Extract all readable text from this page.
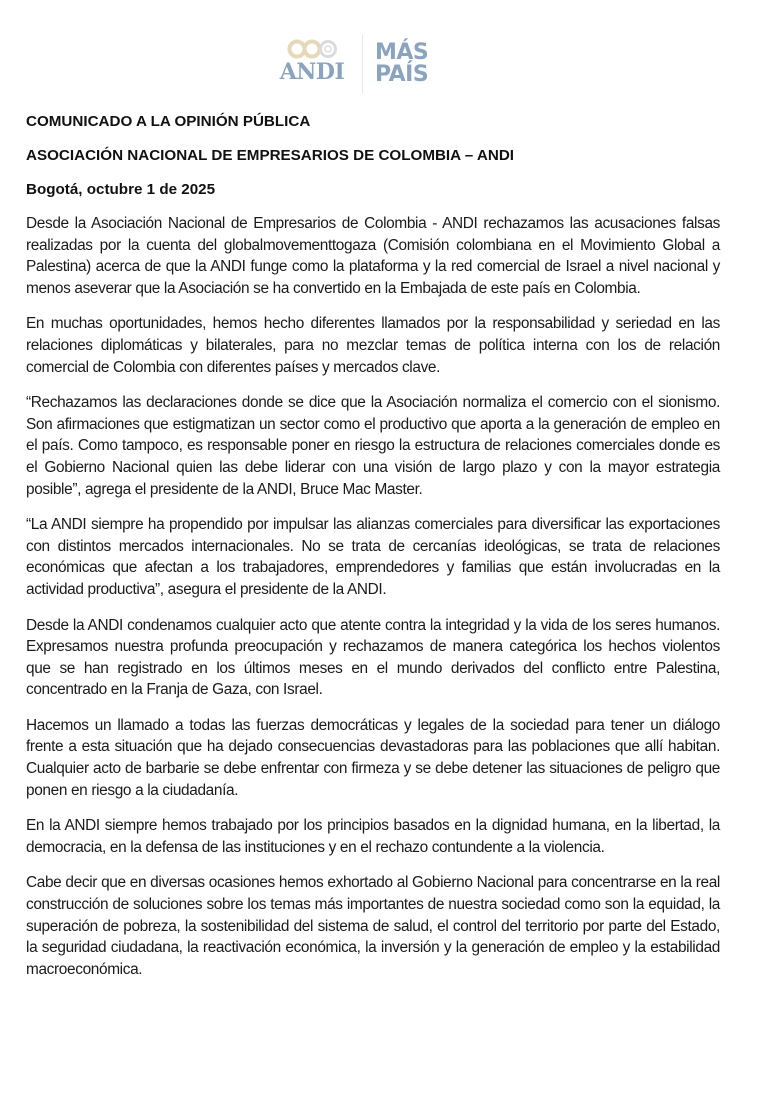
ANDI
MÁS
PAÍS
COMUNICADO A LA OPINIÓN PÚBLICA
ASOCIACIÓN NACIONAL DE EMPRESARIOS DE COLOMBIA – ANDI
Bogotá, octubre 1 de 2025

Desde la Asociación Nacional de Empresarios de Colombia - ANDI rechazamos las acusaciones falsas realizadas por la cuenta del globalmovementtogaza (Comisión colombiana en el Movimiento Global a Palestina) acerca de que la ANDI funge como la plataforma y la red comercial de Israel a nivel nacional y menos aseverar que la Asociación se ha convertido en la Embajada de este país en Colombia.

En muchas oportunidades, hemos hecho diferentes llamados por la responsabilidad y seriedad en las relaciones diplomáticas y bilaterales, para no mezclar temas de política interna con los de relación comercial de Colombia con diferentes países y mercados clave.

“Rechazamos las declaraciones donde se dice que la Asociación normaliza el comercio con el sionismo. Son afirmaciones que estigmatizan un sector como el productivo que aporta a la generación de empleo en el país. Como tampoco, es responsable poner en riesgo la estructura de relaciones comerciales donde es el Gobierno Nacional quien las debe liderar con una visión de largo plazo y con la mayor estrategia posible”, agrega el presidente de la ANDI, Bruce Mac Master.

“La ANDI siempre ha propendido por impulsar las alianzas comerciales para diversificar las exportaciones con distintos mercados internacionales. No se trata de cercanías ideológicas, se trata de relaciones económicas que afectan a los trabajadores, emprendedores y familias que están involucradas en la actividad productiva”, asegura el presidente de la ANDI.

Desde la ANDI condenamos cualquier acto que atente contra la integridad y la vida de los seres humanos. Expresamos nuestra profunda preocupación y rechazamos de manera categórica los hechos violentos que se han registrado en los últimos meses en el mundo derivados del conflicto entre Palestina, concentrado en la Franja de Gaza, con Israel.

Hacemos un llamado a todas las fuerzas democráticas y legales de la sociedad para tener un diálogo frente a esta situación que ha dejado consecuencias devastadoras para las poblaciones que allí habitan. Cualquier acto de barbarie se debe enfrentar con firmeza y se debe detener las situaciones de peligro que ponen en riesgo a la ciudadanía.

En la ANDI siempre hemos trabajado por los principios basados en la dignidad humana, en la libertad, la democracia, en la defensa de las instituciones y en el rechazo contundente a la violencia.

Cabe decir que en diversas ocasiones hemos exhortado al Gobierno Nacional para concentrarse en la real construcción de soluciones sobre los temas más importantes de nuestra sociedad como son la equidad, la superación de pobreza, la sostenibilidad del sistema de salud, el control del territorio por parte del Estado, la seguridad ciudadana, la reactivación económica, la inversión y la generación de empleo y la estabilidad macroeconómica.
